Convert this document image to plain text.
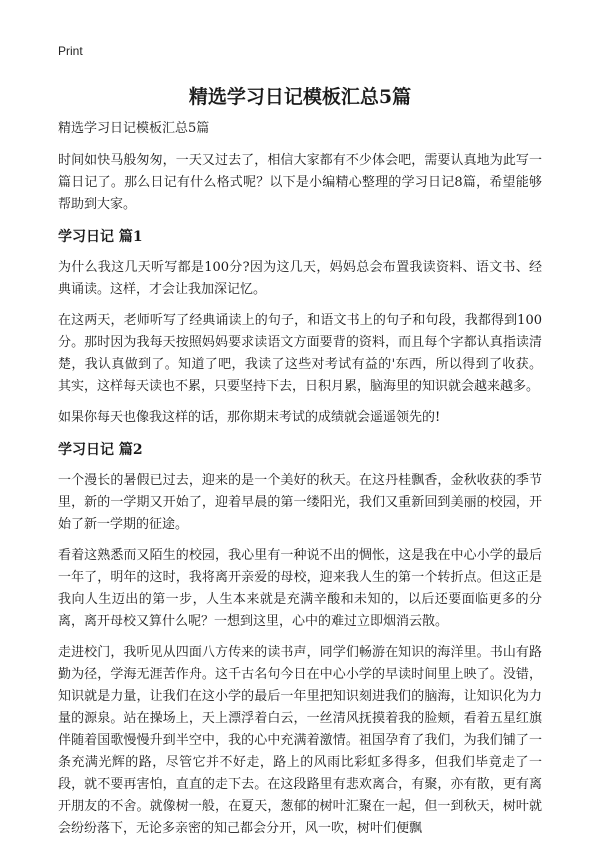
Print
精选学习日记模板汇总5篇

精选学习日记模板汇总5篇

时间如快马般匆匆，一天又过去了，相信大家都有不少体会吧，需要认真地为此写一篇日记了。那么日记有什么格式呢？以下是小编精心整理的学习日记8篇，希望能够帮助到大家。

学习日记 篇1

为什么我这几天听写都是100分?因为这几天，妈妈总会布置我读资料、语文书、经典诵读。这样，才会让我加深记忆。

在这两天，老师听写了经典诵读上的句子，和语文书上的句子和句段，我都得到100分。那时因为我每天按照妈妈要求读语文方面要背的资料，而且每个字都认真指读清楚，我认真做到了。知道了吧，我读了这些对考试有益的'东西，所以得到了收获。其实，这样每天读也不累，只要坚持下去，日积月累，脑海里的知识就会越来越多。

如果你每天也像我这样的话，那你期末考试的成绩就会遥遥领先的!

学习日记 篇2

一个漫长的暑假已过去，迎来的是一个美好的秋天。在这丹桂飘香，金秋收获的季节里，新的一学期又开始了，迎着早晨的第一缕阳光，我们又重新回到美丽的校园，开始了新一学期的征途。

看着这熟悉而又陌生的校园，我心里有一种说不出的惆怅，这是我在中心小学的最后一年了，明年的这时，我将离开亲爱的母校，迎来我人生的第一个转折点。但这正是我向人生迈出的第一步，人生本来就是充满辛酸和未知的，以后还要面临更多的分离，离开母校又算什么呢？一想到这里，心中的难过立即烟消云散。

走进校门，我听见从四面八方传来的读书声，同学们畅游在知识的海洋里。书山有路勤为径，学海无涯苦作舟。这千古名句今日在中心小学的早读时间里上映了。没错，知识就是力量，让我们在这小学的最后一年里把知识刻进我们的脑海，让知识化为力量的源泉。站在操场上，天上漂浮着白云，一丝清风抚摸着我的脸颊，看着五星红旗伴随着国歌慢慢升到半空中，我的心中充满着激情。祖国孕育了我们，为我们铺了一条充满光辉的路，尽管它并不好走，路上的风雨比彩虹多得多，但我们毕竟走了一段，就不要再害怕，直直的走下去。在这段路里有悲欢离合，有聚，亦有散，更有离开朋友的不舍。就像树一般，在夏天，葱郁的树叶汇聚在一起，但一到秋天，树叶就会纷纷落下，无论多亲密的知己都会分开，风一吹，树叶们便飘
